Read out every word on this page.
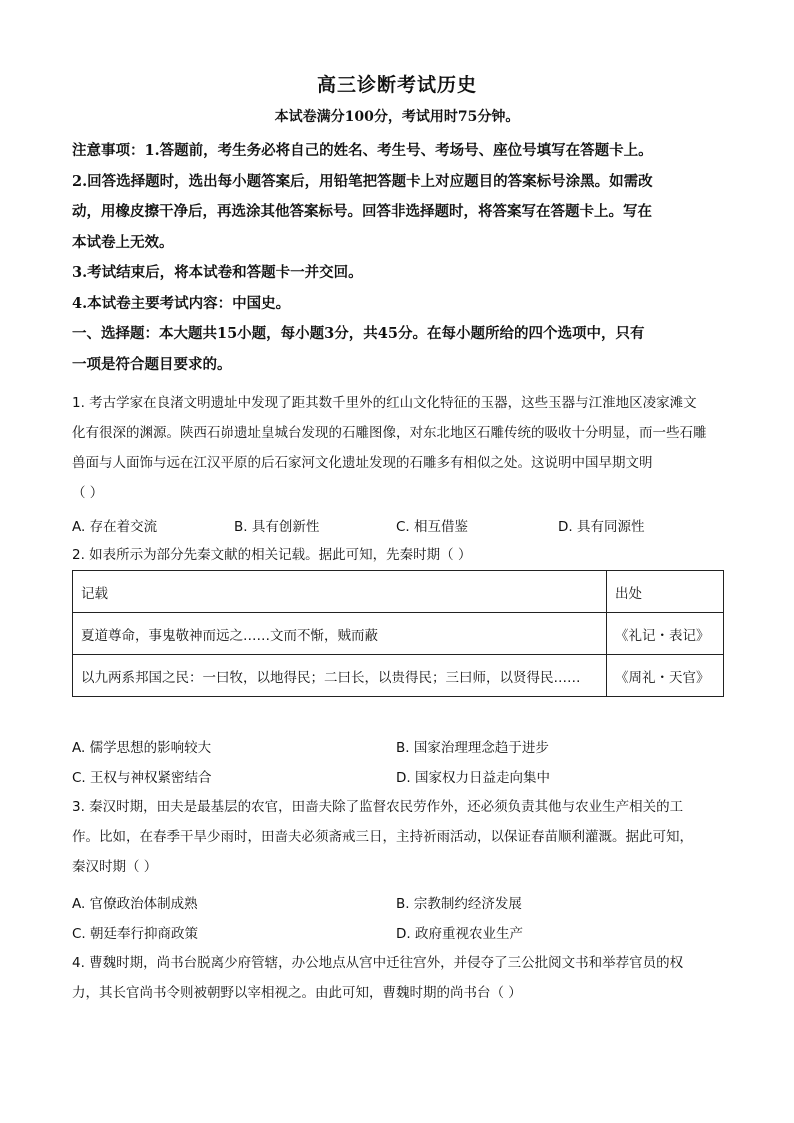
高三诊断考试历史
本试卷满分100分，考试用时75分钟。
注意事项：1.答题前，考生务必将自己的姓名、考生号、考场号、座位号填写在答题卡上。
2.回答选择题时，选出每小题答案后，用铅笔把答题卡上对应题目的答案标号涂黑。如需改
动，用橡皮擦干净后，再选涂其他答案标号。回答非选择题时，将答案写在答题卡上。写在
本试卷上无效。
3.考试结束后，将本试卷和答题卡一并交回。
4.本试卷主要考试内容：中国史。
一、选择题：本大题共15小题，每小题3分，共45分。在每小题所给的四个选项中，只有
一项是符合题目要求的。
1. 考古学家在良渚文明遗址中发现了距其数千里外的红山文化特征的玉器，这些玉器与江淮地区凌家滩文
化有很深的渊源。陕西石峁遗址皇城台发现的石雕图像，对东北地区石雕传统的吸收十分明显，而一些石雕
兽面与人面饰与远在江汉平原的后石家河文化遗址发现的石雕多有相似之处。这说明中国早期文明
（ ）
A. 存在着交流	B. 具有创新性	C. 相互借鉴	D. 具有同源性
2. 如表所示为部分先秦文献的相关记载。据此可知，先秦时期（ ）
记载	出处
夏道尊命，事鬼敬神而远之……文而不惭，贼而蔽	《礼记・表记》
以九两系邦国之民：一曰牧，以地得民；二曰长，以贵得民；三曰师，以贤得民……	《周礼・天官》
A. 儒学思想的影响较大	B. 国家治理理念趋于进步
C. 王权与神权紧密结合	D. 国家权力日益走向集中
3. 秦汉时期，田夫是最基层的农官，田啬夫除了监督农民劳作外，还必须负责其他与农业生产相关的工
作。比如，在春季干旱少雨时，田啬夫必须斋戒三日，主持祈雨活动，以保证春苗顺利灌溉。据此可知，
秦汉时期（ ）
A. 官僚政治体制成熟	B. 宗教制约经济发展
C. 朝廷奉行抑商政策	D. 政府重视农业生产
4. 曹魏时期，尚书台脱离少府管辖，办公地点从宫中迁往宫外，并侵夺了三公批阅文书和举荐官员的权
力，其长官尚书令则被朝野以宰相视之。由此可知，曹魏时期的尚书台（ ）
